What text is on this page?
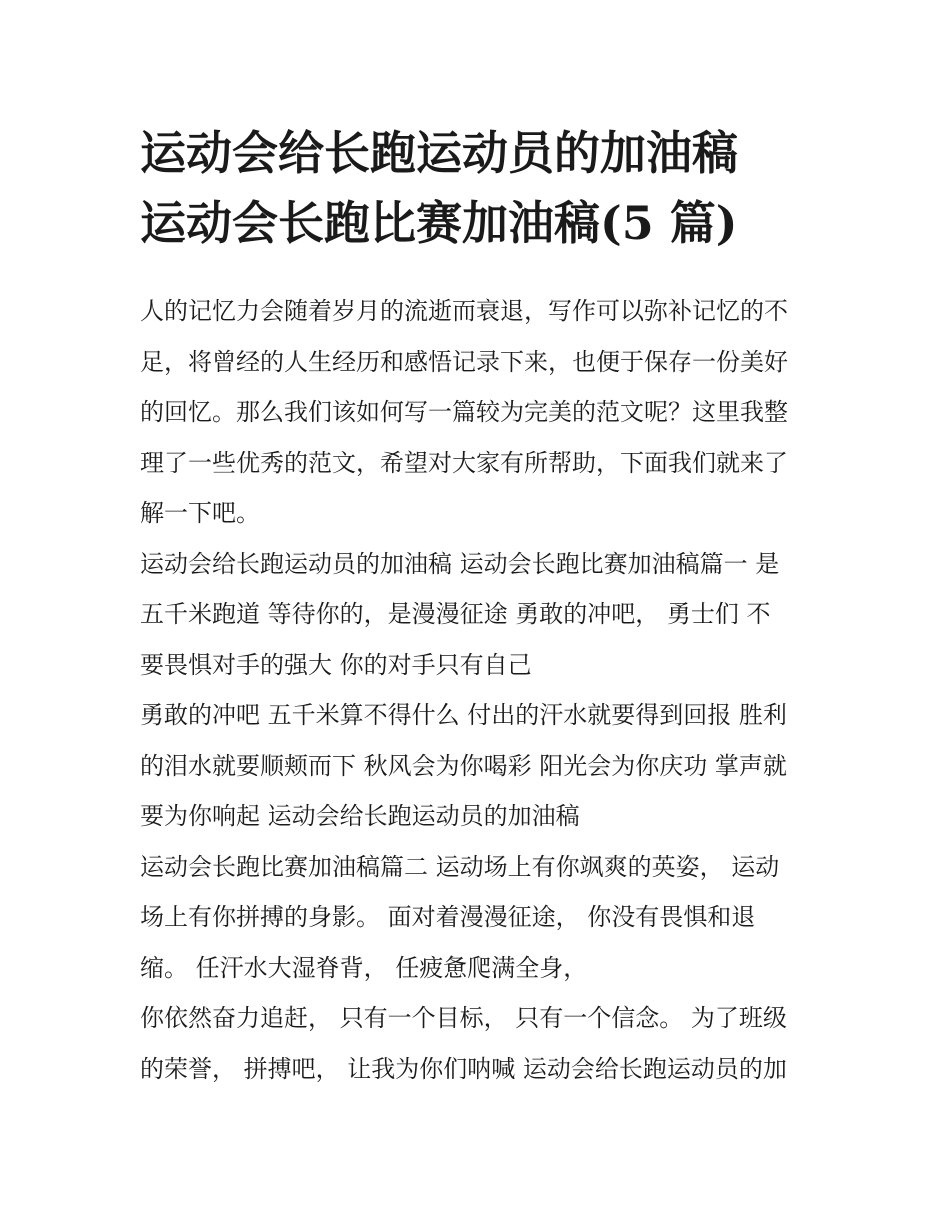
运动会给长跑运动员的加油稿
运动会长跑比赛加油稿(5 篇)

人的记忆力会随着岁月的流逝而衰退，写作可以弥补记忆的不

足，将曾经的人生经历和感悟记录下来，也便于保存一份美好

的回忆。那么我们该如何写一篇较为完美的范文呢？这里我整

理了一些优秀的范文，希望对大家有所帮助，下面我们就来了

解一下吧。

运动会给长跑运动员的加油稿 运动会长跑比赛加油稿篇一 是

五千米跑道 等待你的，是漫漫征途 勇敢的冲吧， 勇士们 不

要畏惧对手的强大 你的对手只有自己

勇敢的冲吧 五千米算不得什么 付出的汗水就要得到回报 胜利

的泪水就要顺颊而下 秋风会为你喝彩 阳光会为你庆功 掌声就

要为你响起 运动会给长跑运动员的加油稿

运动会长跑比赛加油稿篇二 运动场上有你飒爽的英姿， 运动

场上有你拼搏的身影。 面对着漫漫征途， 你没有畏惧和退

缩。 任汗水大湿脊背， 任疲惫爬满全身，

你依然奋力追赶， 只有一个目标， 只有一个信念。 为了班级

的荣誉， 拼搏吧， 让我为你们呐喊 运动会给长跑运动员的加
